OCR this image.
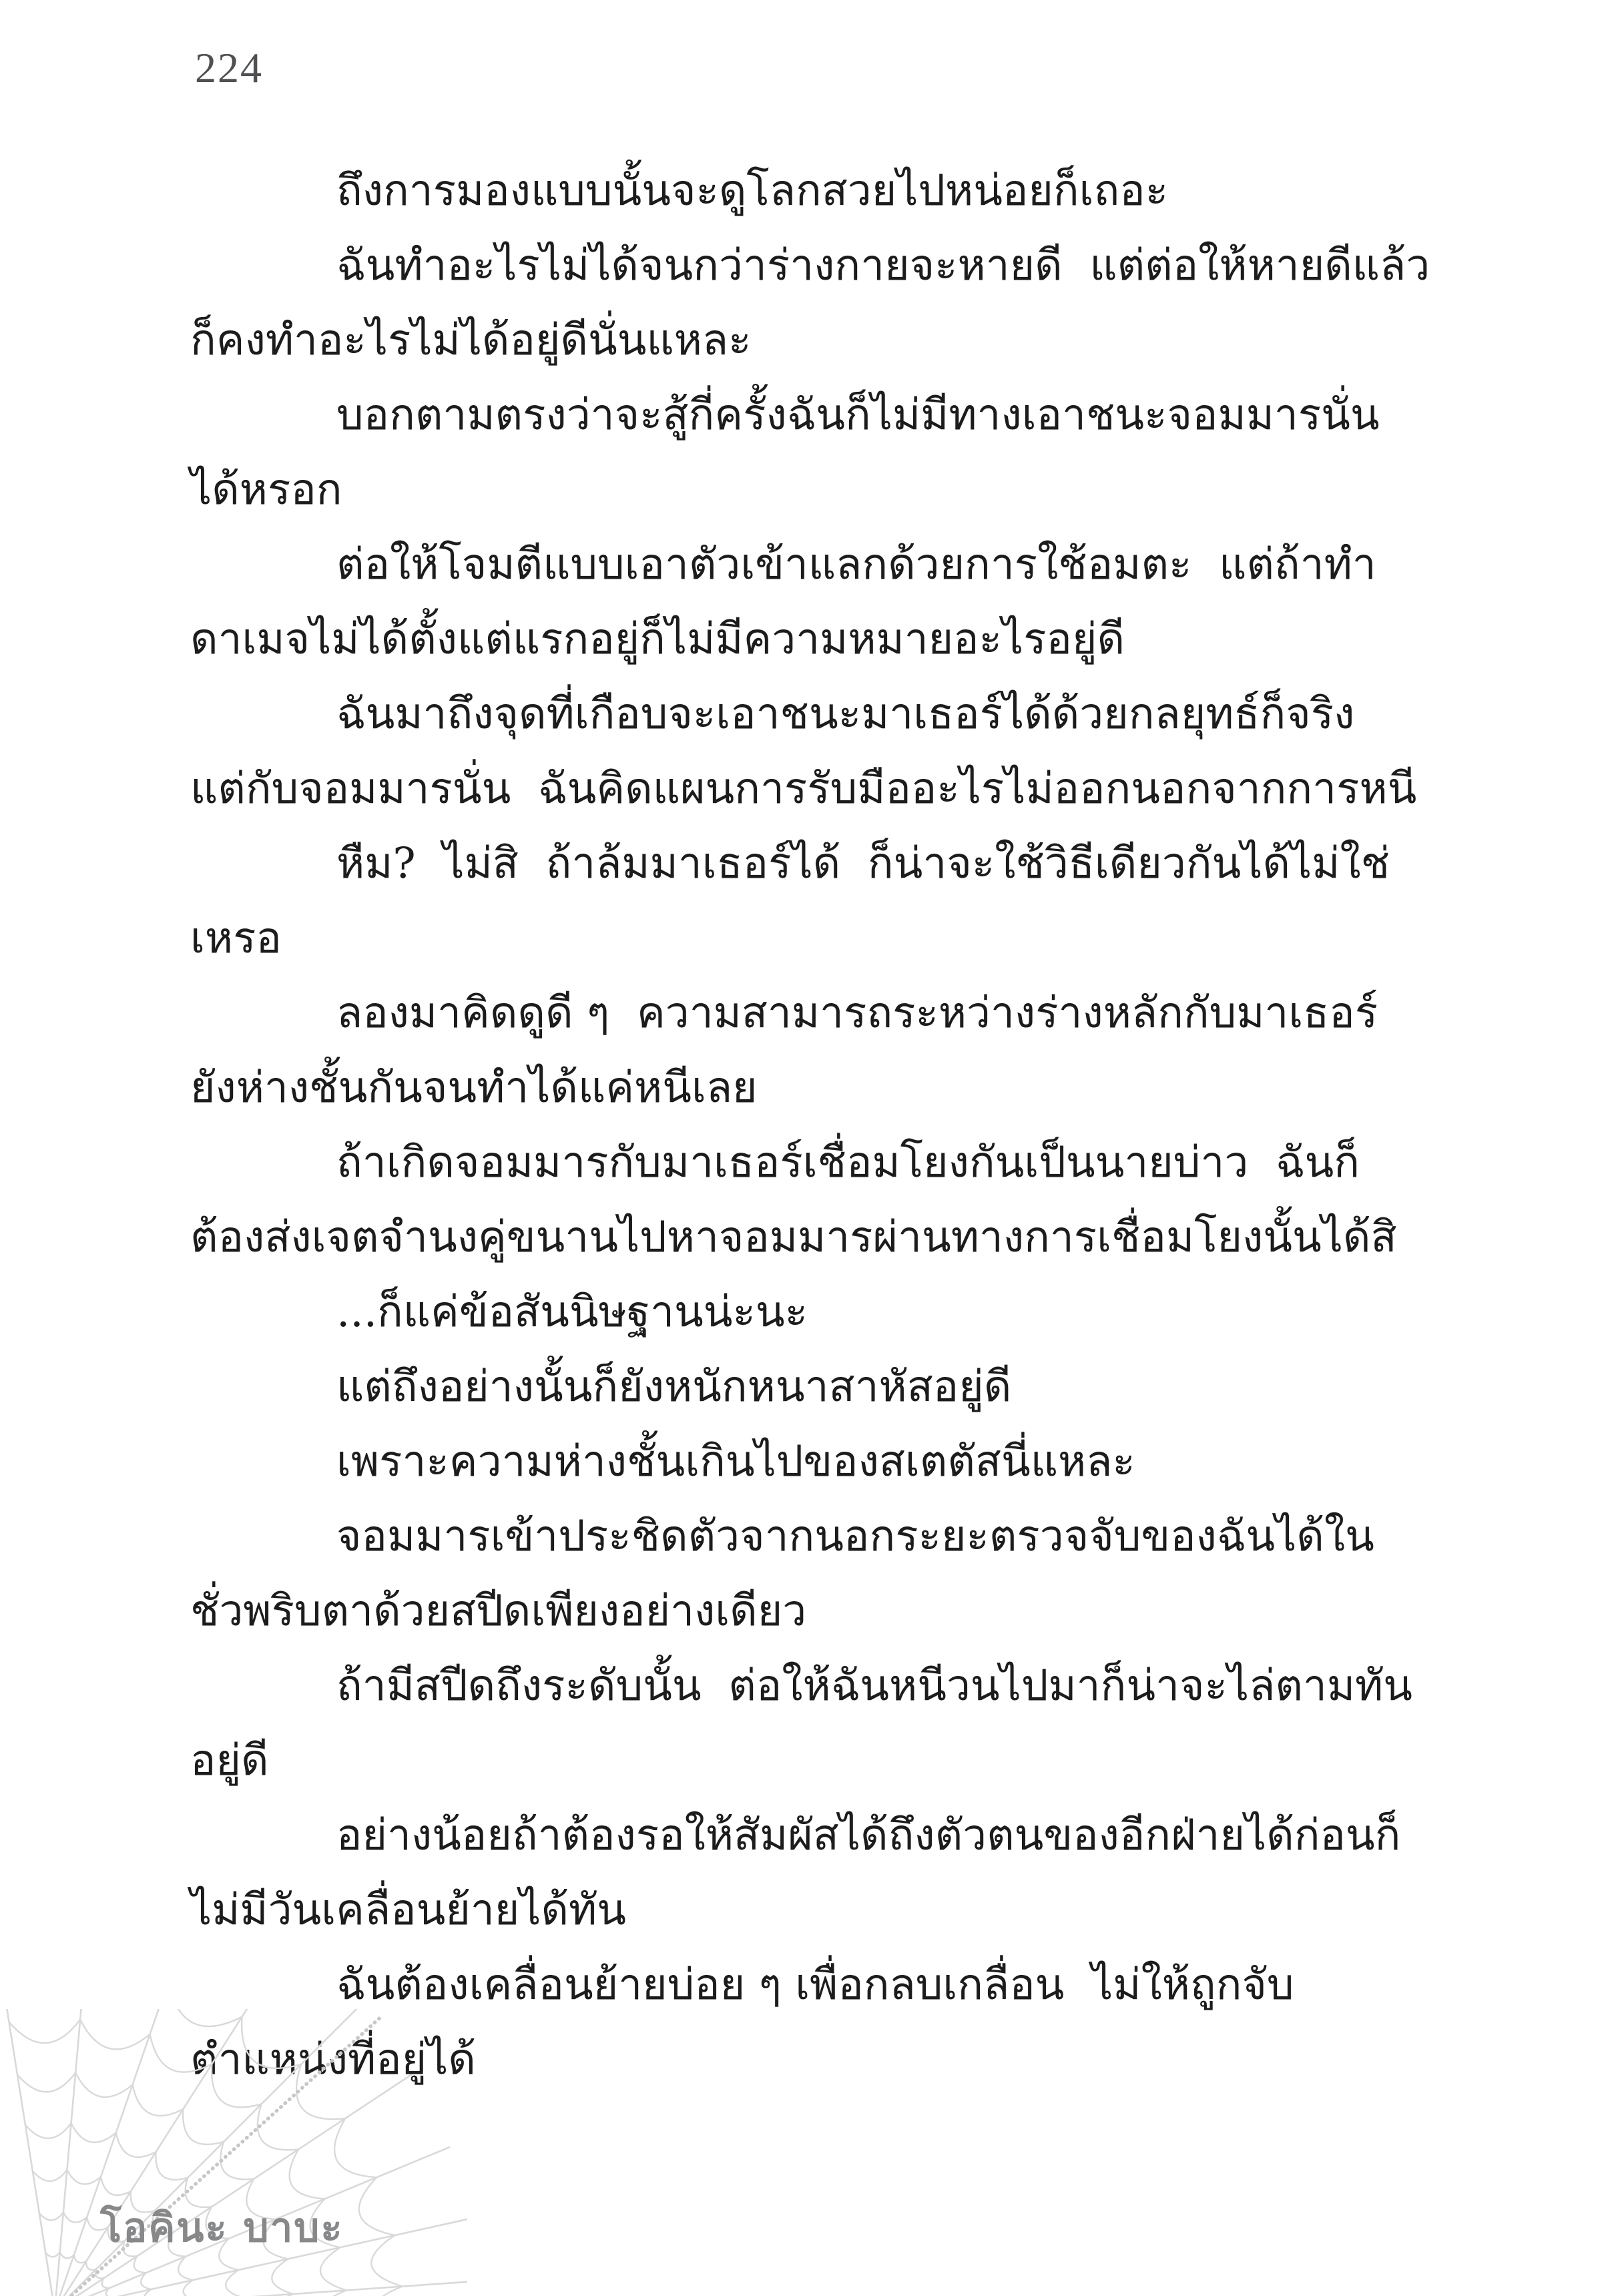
224
ถึงการมองแบบนั้นจะดูโลกสวยไปหน่อยก็เถอะ
ฉันทำอะไรไม่ได้จนกว่าร่างกายจะหายดี  แต่ต่อให้หายดีแล้ว
ก็คงทำอะไรไม่ได้อยู่ดีนั่นแหละ
บอกตามตรงว่าจะสู้กี่ครั้งฉันก็ไม่มีทางเอาชนะจอมมารนั่น
ได้หรอก
ต่อให้โจมตีแบบเอาตัวเข้าแลกด้วยการใช้อมตะ  แต่ถ้าทำ
ดาเมจไม่ได้ตั้งแต่แรกอยู่ก็ไม่มีความหมายอะไรอยู่ดี
ฉันมาถึงจุดที่เกือบจะเอาชนะมาเธอร์ได้ด้วยกลยุทธ์ก็จริง
แต่กับจอมมารนั่น  ฉันคิดแผนการรับมืออะไรไม่ออกนอกจากการหนี
หืม?  ไม่สิ  ถ้าล้มมาเธอร์ได้  ก็น่าจะใช้วิธีเดียวกันได้ไม่ใช่
เหรอ
ลองมาคิดดูดี ๆ  ความสามารถระหว่างร่างหลักกับมาเธอร์
ยังห่างชั้นกันจนทำได้แค่หนีเลย
ถ้าเกิดจอมมารกับมาเธอร์เชื่อมโยงกันเป็นนายบ่าว  ฉันก็
ต้องส่งเจตจำนงคู่ขนานไปหาจอมมารผ่านทางการเชื่อมโยงนั้นได้สิ
...ก็แค่ข้อสันนิษฐานน่ะนะ
แต่ถึงอย่างนั้นก็ยังหนักหนาสาหัสอยู่ดี
เพราะความห่างชั้นเกินไปของสเตตัสนี่แหละ
จอมมารเข้าประชิดตัวจากนอกระยะตรวจจับของฉันได้ใน
ชั่วพริบตาด้วยสปีดเพียงอย่างเดียว
ถ้ามีสปีดถึงระดับนั้น  ต่อให้ฉันหนีวนไปมาก็น่าจะไล่ตามทัน
อยู่ดี
อย่างน้อยถ้าต้องรอให้สัมผัสได้ถึงตัวตนของอีกฝ่ายได้ก่อนก็
ไม่มีวันเคลื่อนย้ายได้ทัน
ฉันต้องเคลื่อนย้ายบ่อย ๆ เพื่อกลบเกลื่อน  ไม่ให้ถูกจับ
ตำแหน่งที่อยู่ได้
โอคินะ บาบะ
